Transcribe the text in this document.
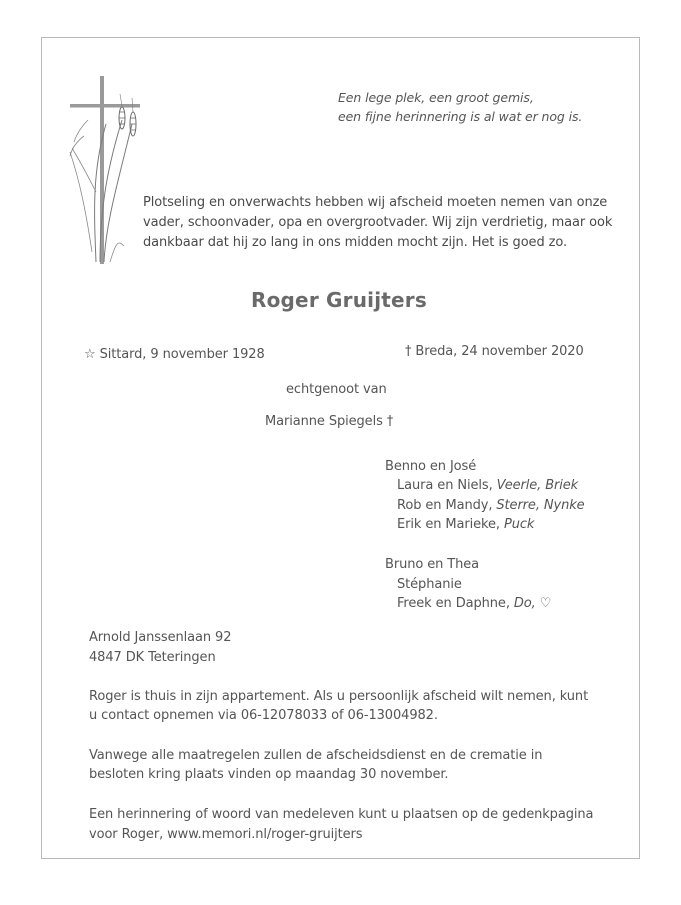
Een lege plek, een groot gemis,
een fijne herinnering is al wat er nog is.
Plotseling en onverwachts hebben wij afscheid moeten nemen van onze
vader, schoonvader, opa en overgrootvader. Wij zijn verdrietig, maar ook
dankbaar dat hij zo lang in ons midden mocht zijn. Het is goed zo.
Roger Gruijters
☆ Sittard, 9 november 1928	† Breda, 24 november 2020
echtgenoot van
Marianne Spiegels †
Benno en José
Laura en Niels, Veerle, Briek
Rob en Mandy, Sterre, Nynke
Erik en Marieke, Puck
Bruno en Thea
Stéphanie
Freek en Daphne, Do, ♡
Arnold Janssenlaan 92
4847 DK Teteringen
Roger is thuis in zijn appartement. Als u persoonlijk afscheid wilt nemen, kunt
u contact opnemen via 06-12078033 of 06-13004982.
Vanwege alle maatregelen zullen de afscheidsdienst en de crematie in
besloten kring plaats vinden op maandag 30 november.
Een herinnering of woord van medeleven kunt u plaatsen op de gedenkpagina
voor Roger, www.memori.nl/roger-gruijters
